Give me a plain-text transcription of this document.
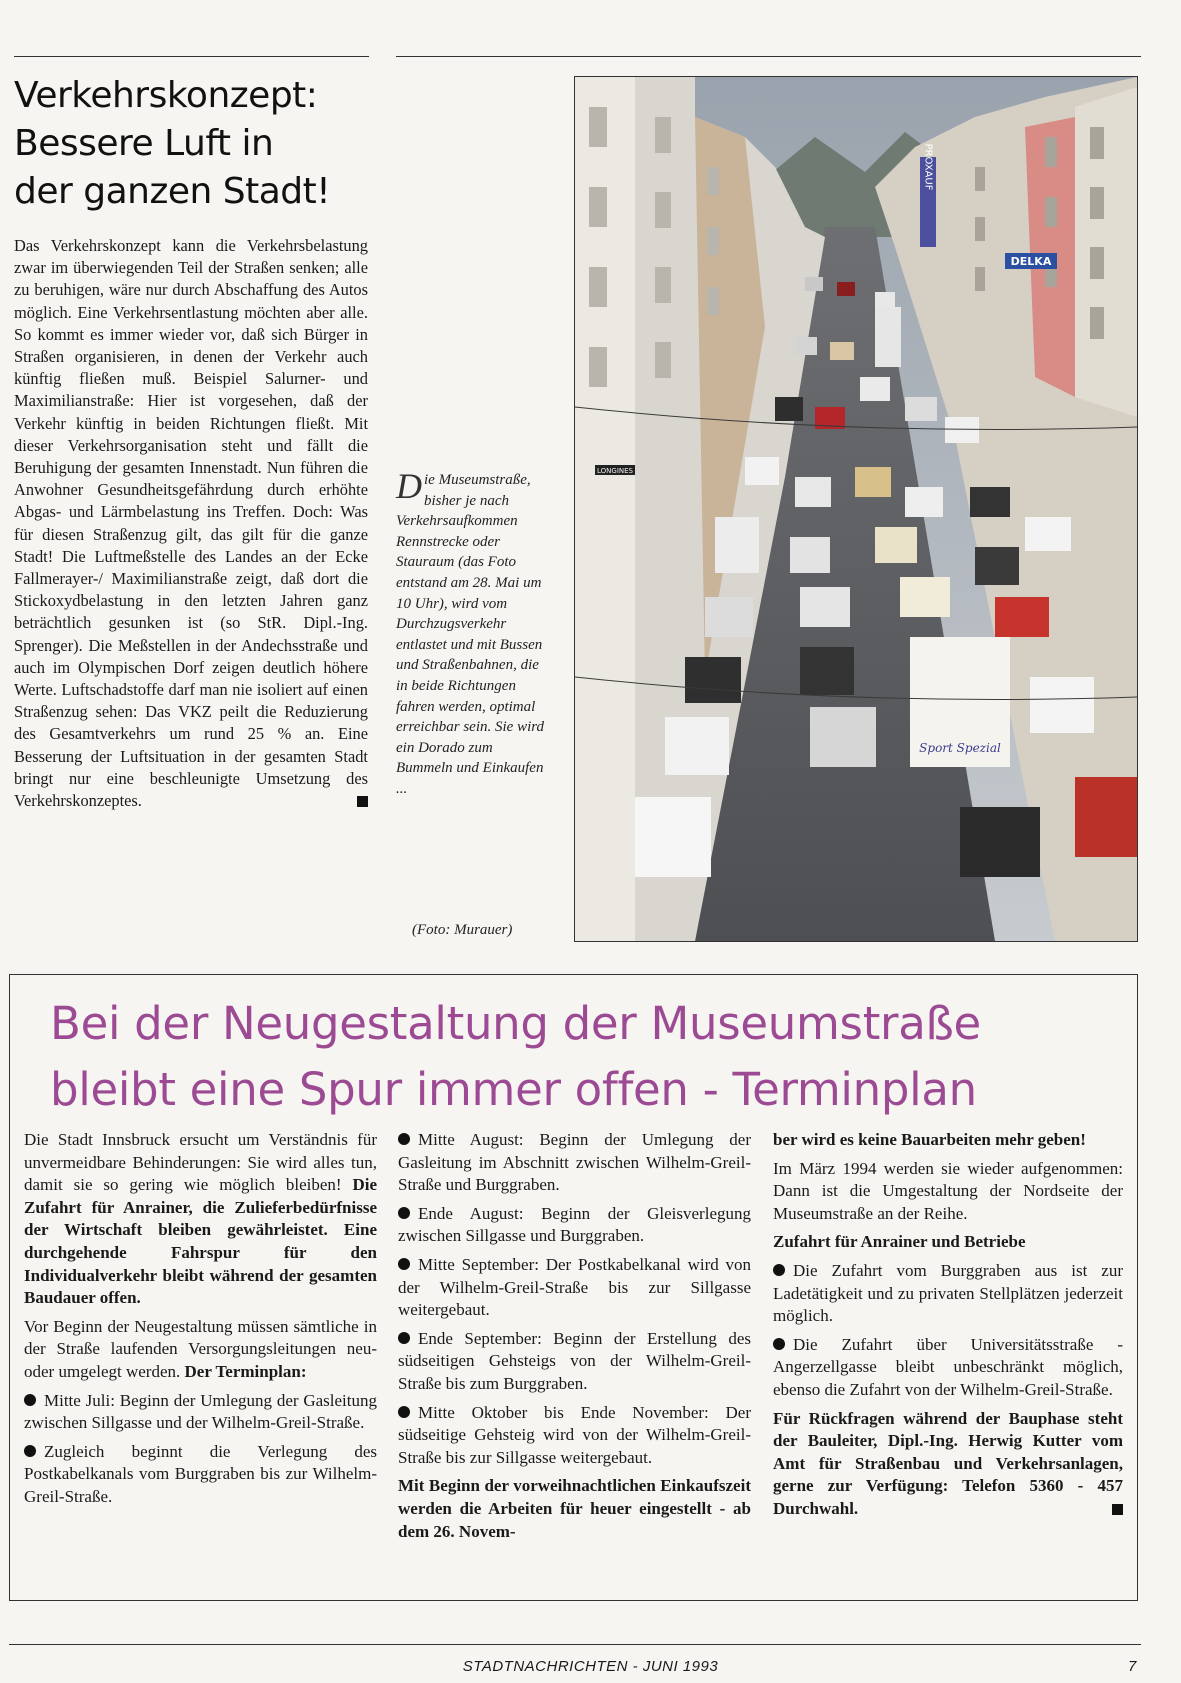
Verkehrskonzept:
Bessere Luft in
der ganzen Stadt!

Das Verkehrskonzept kann die Verkehrsbelastung zwar im überwiegenden Teil der Straßen senken; alle zu beruhigen, wäre nur durch Abschaffung des Autos möglich. Eine Verkehrsentlastung möchten aber alle. So kommt es immer wieder vor, daß sich Bürger in Straßen organisieren, in denen der Verkehr auch künftig fließen muß. Beispiel Salurner- und Maximilianstraße: Hier ist vorgesehen, daß der Verkehr künftig in beiden Richtungen fließt. Mit dieser Verkehrsorganisation steht und fällt die Beruhigung der gesamten Innenstadt. Nun führen die Anwohner Gesundheitsgefährdung durch erhöhte Abgas- und Lärmbelastung ins Treffen. Doch: Was für diesen Straßenzug gilt, das gilt für die ganze Stadt! Die Luftmeßstelle des Landes an der Ecke Fallmerayer-/ Maximilianstraße zeigt, daß dort die Stickoxydbelastung in den letzten Jahren ganz beträchtlich gesunken ist (so StR. Dipl.-Ing. Sprenger). Die Meßstellen in der Andechsstraße und auch im Olympischen Dorf zeigen deutlich höhere Werte. Luftschadstoffe darf man nie isoliert auf einen Straßenzug sehen: Das VKZ peilt die Reduzierung des Gesamtverkehrs um rund 25 % an. Eine Besserung der Luftsituation in der gesamten Stadt bringt nur eine beschleunigte Umsetzung des Verkehrskonzeptes.

Die Museumstraße, bisher je nach Verkehrsaufkommen Rennstrecke oder Stauraum (das Foto entstand am 28. Mai um 10 Uhr), wird vom Durchzugsverkehr entlastet und mit Bussen und Straßenbahnen, die in beide Richtungen fahren werden, optimal erreichbar sein. Sie wird ein Dorado zum Bummeln und Einkaufen ...
(Foto: Murauer)
PROXAUF
DELKA
LONGINES
Sport Spezial
Bei der Neugestaltung der Museumstraße
bleibt eine Spur immer offen - Terminplan

Die Stadt Innsbruck ersucht um Verständnis für unvermeidbare Behinderungen: Sie wird alles tun, damit sie so gering wie möglich bleiben! Die Zufahrt für Anrainer, die Zulieferbedürfnisse der Wirtschaft bleiben gewährleistet. Eine durchgehende Fahrspur für den Individualverkehr bleibt während der gesamten Baudauer offen.

Vor Beginn der Neugestaltung müssen sämtliche in der Straße laufenden Versorgungsleitungen neu- oder umgelegt werden. Der Terminplan:

Mitte Juli: Beginn der Umlegung der Gasleitung zwischen Sillgasse und der Wilhelm-Greil-Straße.

Zugleich beginnt die Verlegung des Postkabelkanals vom Burggraben bis zur Wilhelm-Greil-Straße.

Mitte August: Beginn der Umlegung der Gasleitung im Abschnitt zwischen Wilhelm-Greil-Straße und Burggraben.

Ende August: Beginn der Gleisverlegung zwischen Sillgasse und Burggraben.

Mitte September: Der Postkabelkanal wird von der Wilhelm-Greil-Straße bis zur Sillgasse weitergebaut.

Ende September: Beginn der Erstellung des südseitigen Gehsteigs von der Wilhelm-Greil-Straße bis zum Burggraben.

Mitte Oktober bis Ende November: Der südseitige Gehsteig wird von der Wilhelm-Greil-Straße bis zur Sillgasse weitergebaut.

Mit Beginn der vorweihnachtlichen Einkaufszeit werden die Arbeiten für heuer eingestellt - ab dem 26. Novem-

ber wird es keine Bauarbeiten mehr geben!

Im März 1994 werden sie wieder aufgenommen: Dann ist die Umgestaltung der Nordseite der Museumstraße an der Reihe.

Zufahrt für Anrainer und Betriebe

Die Zufahrt vom Burggraben aus ist zur Ladetätigkeit und zu privaten Stellplätzen jederzeit möglich.

Die Zufahrt über Universitätsstraße - Angerzellgasse bleibt unbeschränkt möglich, ebenso die Zufahrt von der Wilhelm-Greil-Straße.

Für Rückfragen während der Bauphase steht der Bauleiter, Dipl.-Ing. Herwig Kutter vom Amt für Straßenbau und Verkehrsanlagen, gerne zur Verfügung: Telefon 5360 - 457 Durchwahl.

STADTNACHRICHTEN - JUNI 1993	7
